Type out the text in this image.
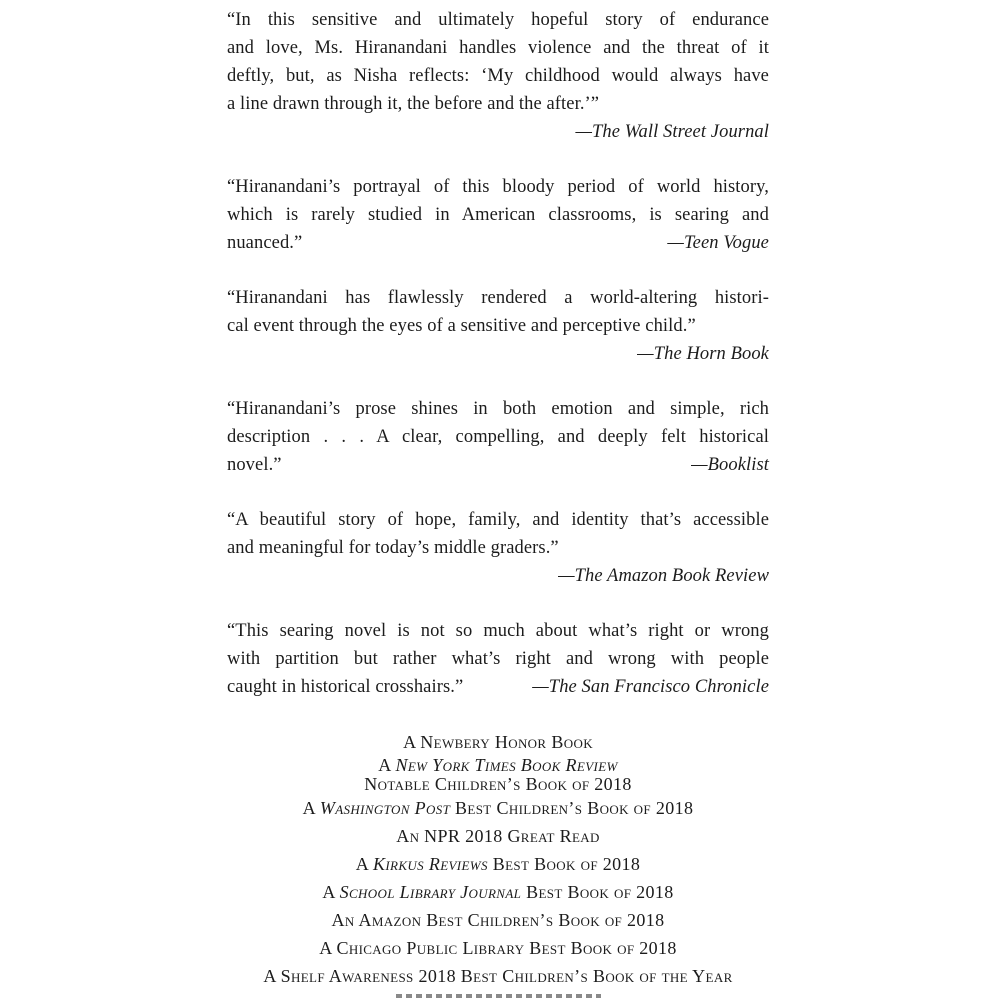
“In this sensitive and ultimately hopeful story of endurance
and love, Ms. Hiranandani handles violence and the threat of it
deftly, but, as Nisha reflects: ‘My childhood would always have
a line drawn through it, the before and the after.’”
—The Wall Street Journal
“Hiranandani’s portrayal of this bloody period of world history,
which is rarely studied in American classrooms, is searing and
nuanced.”	—Teen Vogue
“Hiranandani has flawlessly rendered a world-altering histori-
cal event through the eyes of a sensitive and perceptive child.”
—The Horn Book
“Hiranandani’s prose shines in both emotion and simple, rich
description . . . A clear, compelling, and deeply felt historical
novel.”	—Booklist
“A beautiful story of hope, family, and identity that’s accessible
and meaningful for today’s middle graders.”
—The Amazon Book Review
“This searing novel is not so much about what’s right or wrong
with partition but rather what’s right and wrong with people
caught in historical crosshairs.”	—The San Francisco Chronicle
A Newbery Honor Book
A New York Times Book Review
Notable Children’s Book of 2018
A Washington Post Best Children’s Book of 2018
An NPR 2018 Great Read
A Kirkus Reviews Best Book of 2018
A School Library Journal Best Book of 2018
An Amazon Best Children’s Book of 2018
A Chicago Public Library Best Book of 2018
A Shelf Awareness 2018 Best Children’s Book of the Year
